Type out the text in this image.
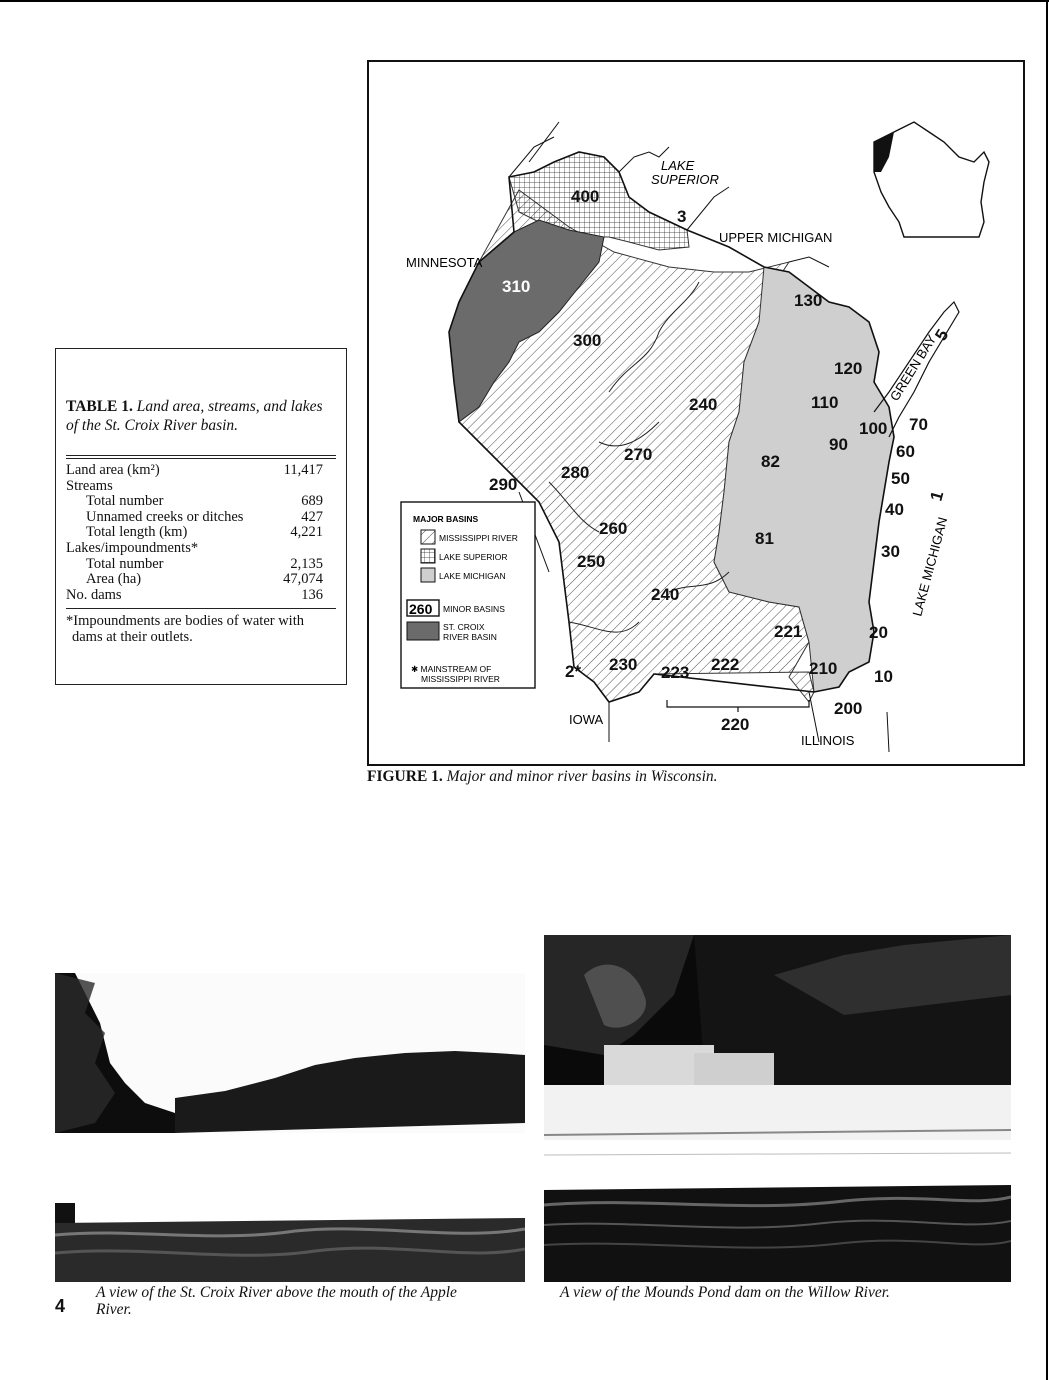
TABLE 1. Land area, streams, and lakes of the St. Croix River basin.
Land area (km²)	11,417
Streams
Total number	689
Unnamed creeks or ditches	427
Total length (km)	4,221
Lakes/impoundments*
Total number	2,135
Area (ha)	47,074
No. dams	136
*Impoundments are bodies of water with
dams at their outlets.
LAKE
SUPERIOR
UPPER MICHIGAN
MINNESOTA
IOWA
ILLINOIS
GREEN BAY
LAKE MICHIGAN
400
3
310
300
130
120
110
100 70
60
50
40
30
240
270
280
290
260
250
82
81
90
5
1
221
222
223
230	210
20
10
200
220
2*
240
MAJOR BASINS
MISSISSIPPI RIVER
LAKE SUPERIOR
LAKE MICHIGAN
260 MINOR BASINS
ST. CROIX
RIVER BASIN
✱ MAINSTREAM OF
MISSISSIPPI RIVER
FIGURE 1. Major and minor river basins in Wisconsin.
A view of the St. Croix River above the mouth of the Apple River.
A view of the Mounds Pond dam on the Willow River.
4
